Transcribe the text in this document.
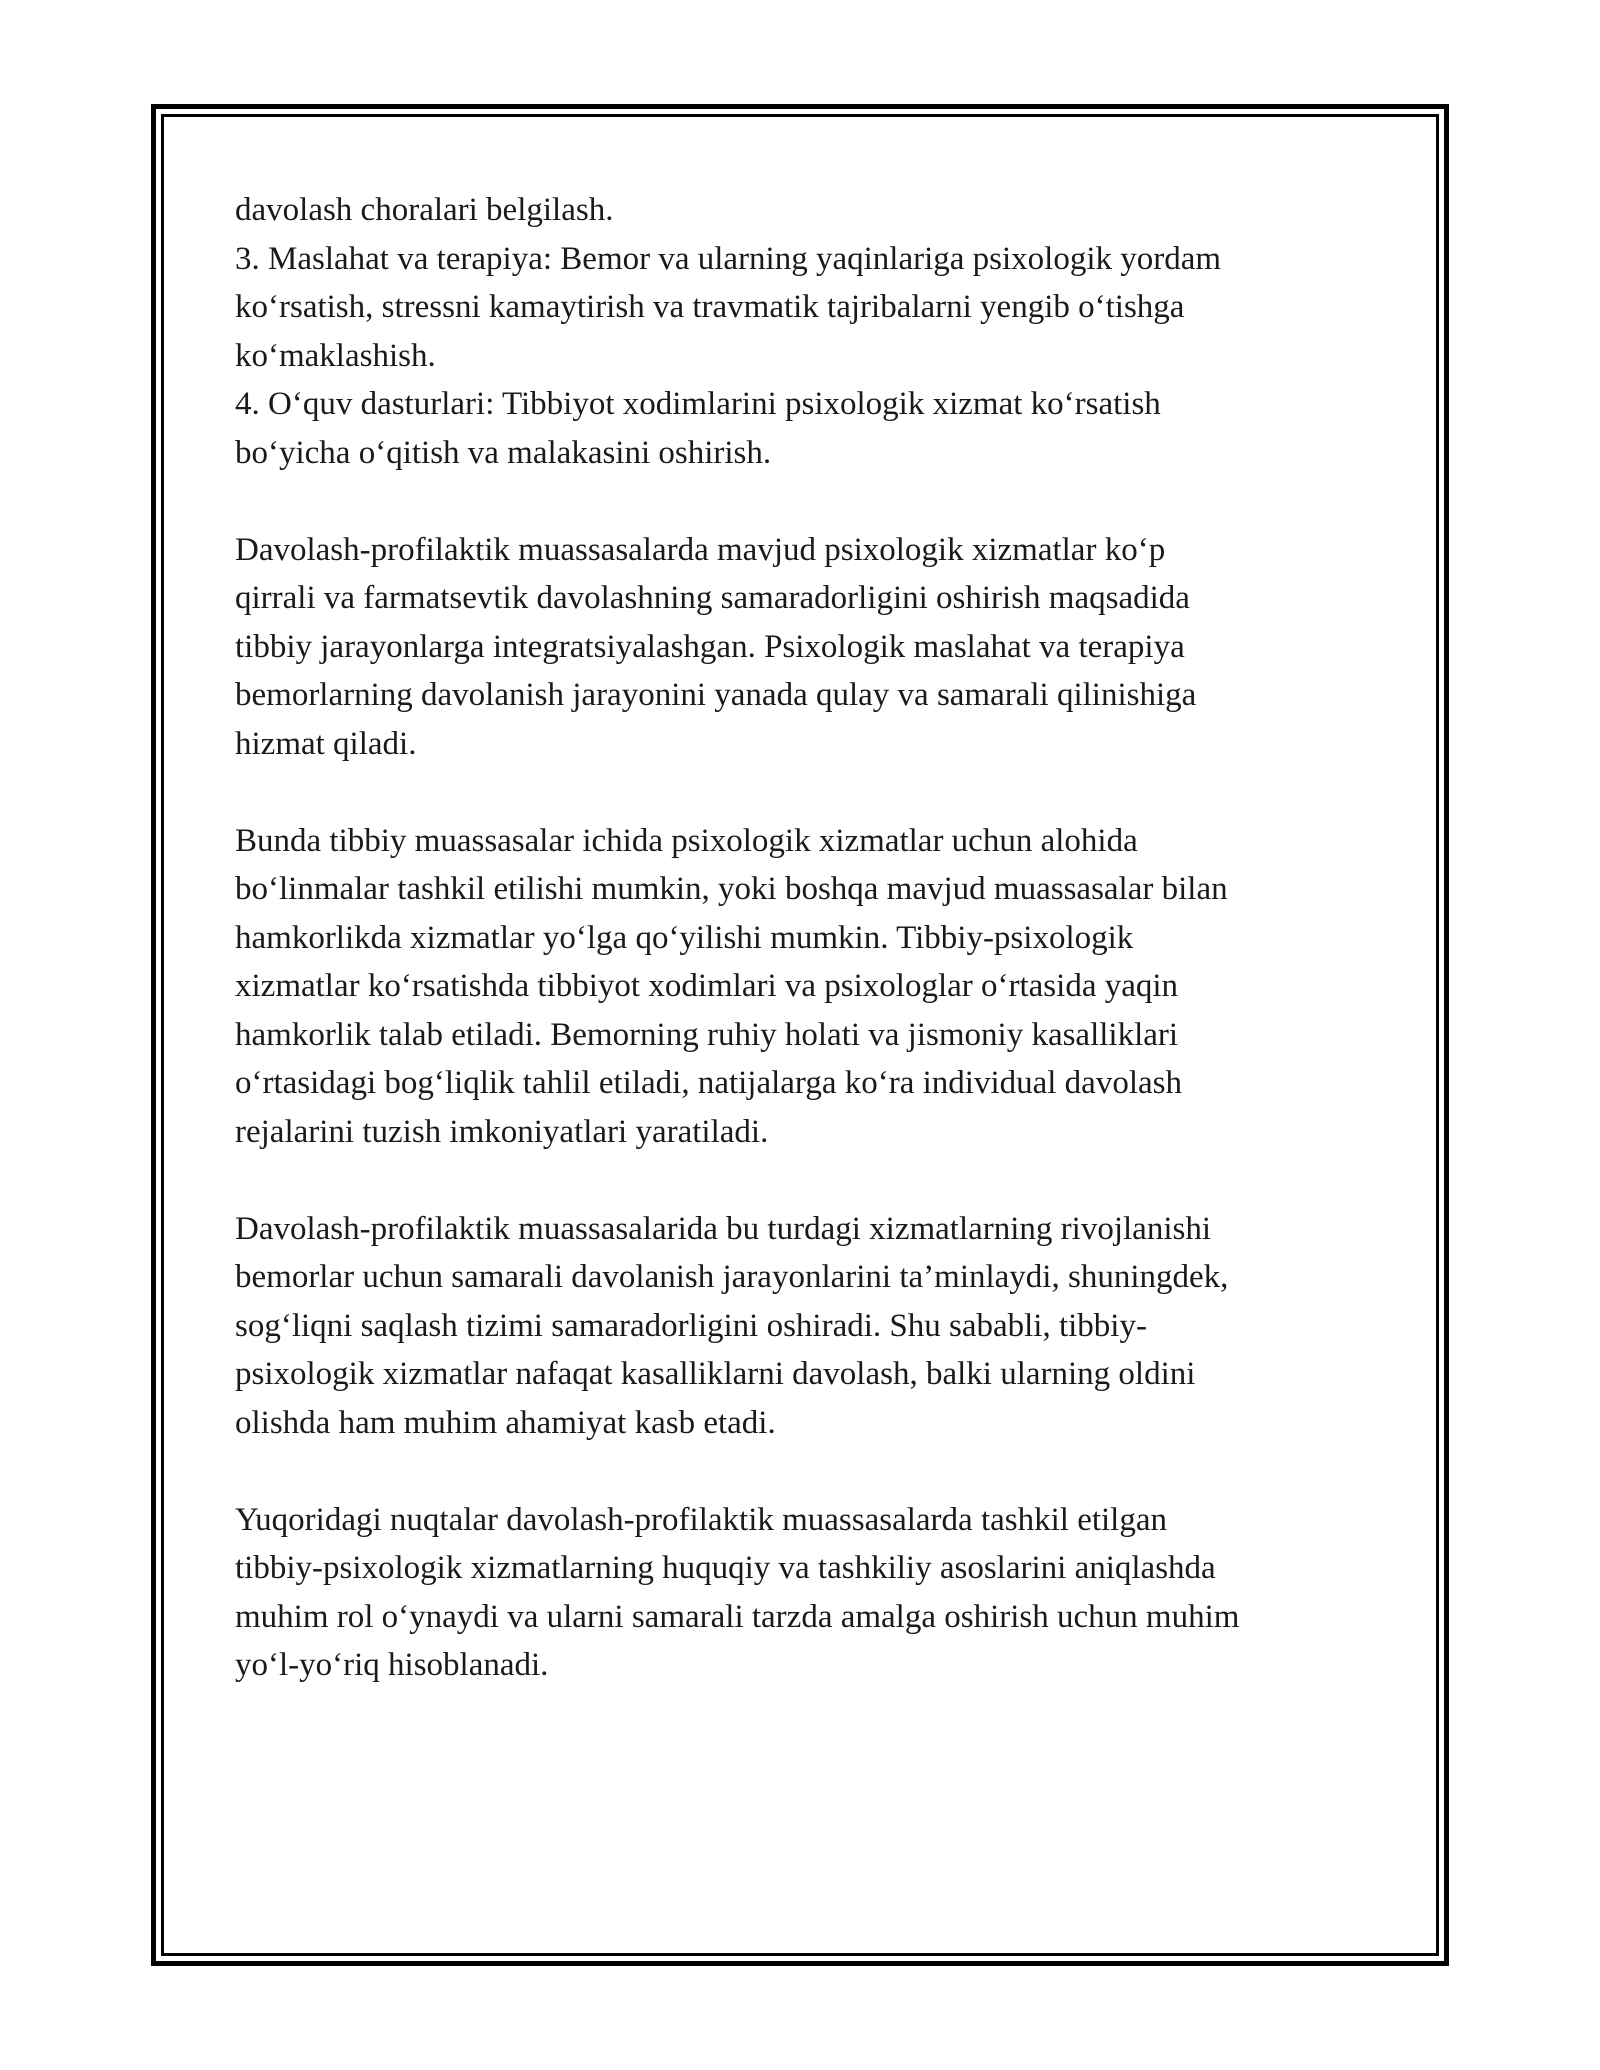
davolash choralari belgilash.
3. Maslahat va terapiya: Bemor va ularning yaqinlariga psixologik yordam
ko‘rsatish, stressni kamaytirish va travmatik tajribalarni yengib o‘tishga
ko‘maklashish.
4. O‘quv dasturlari: Tibbiyot xodimlarini psixologik xizmat ko‘rsatish
bo‘yicha o‘qitish va malakasini oshirish.
Davolash-profilaktik muassasalarda mavjud psixologik xizmatlar ko‘p
qirrali va farmatsevtik davolashning samaradorligini oshirish maqsadida
tibbiy jarayonlarga integratsiyalashgan. Psixologik maslahat va terapiya
bemorlarning davolanish jarayonini yanada qulay va samarali qilinishiga
hizmat qiladi.
Bunda tibbiy muassasalar ichida psixologik xizmatlar uchun alohida
bo‘linmalar tashkil etilishi mumkin, yoki boshqa mavjud muassasalar bilan
hamkorlikda xizmatlar yo‘lga qo‘yilishi mumkin. Tibbiy-psixologik
xizmatlar ko‘rsatishda tibbiyot xodimlari va psixologlar o‘rtasida yaqin
hamkorlik talab etiladi. Bemorning ruhiy holati va jismoniy kasalliklari
o‘rtasidagi bog‘liqlik tahlil etiladi, natijalarga ko‘ra individual davolash
rejalarini tuzish imkoniyatlari yaratiladi.
Davolash-profilaktik muassasalarida bu turdagi xizmatlarning rivojlanishi
bemorlar uchun samarali davolanish jarayonlarini ta’minlaydi, shuningdek,
sog‘liqni saqlash tizimi samaradorligini oshiradi. Shu sababli, tibbiy-
psixologik xizmatlar nafaqat kasalliklarni davolash, balki ularning oldini
olishda ham muhim ahamiyat kasb etadi.
Yuqoridagi nuqtalar davolash-profilaktik muassasalarda tashkil etilgan
tibbiy-psixologik xizmatlarning huquqiy va tashkiliy asoslarini aniqlashda
muhim rol o‘ynaydi va ularni samarali tarzda amalga oshirish uchun muhim
yo‘l-yo‘riq hisoblanadi.
